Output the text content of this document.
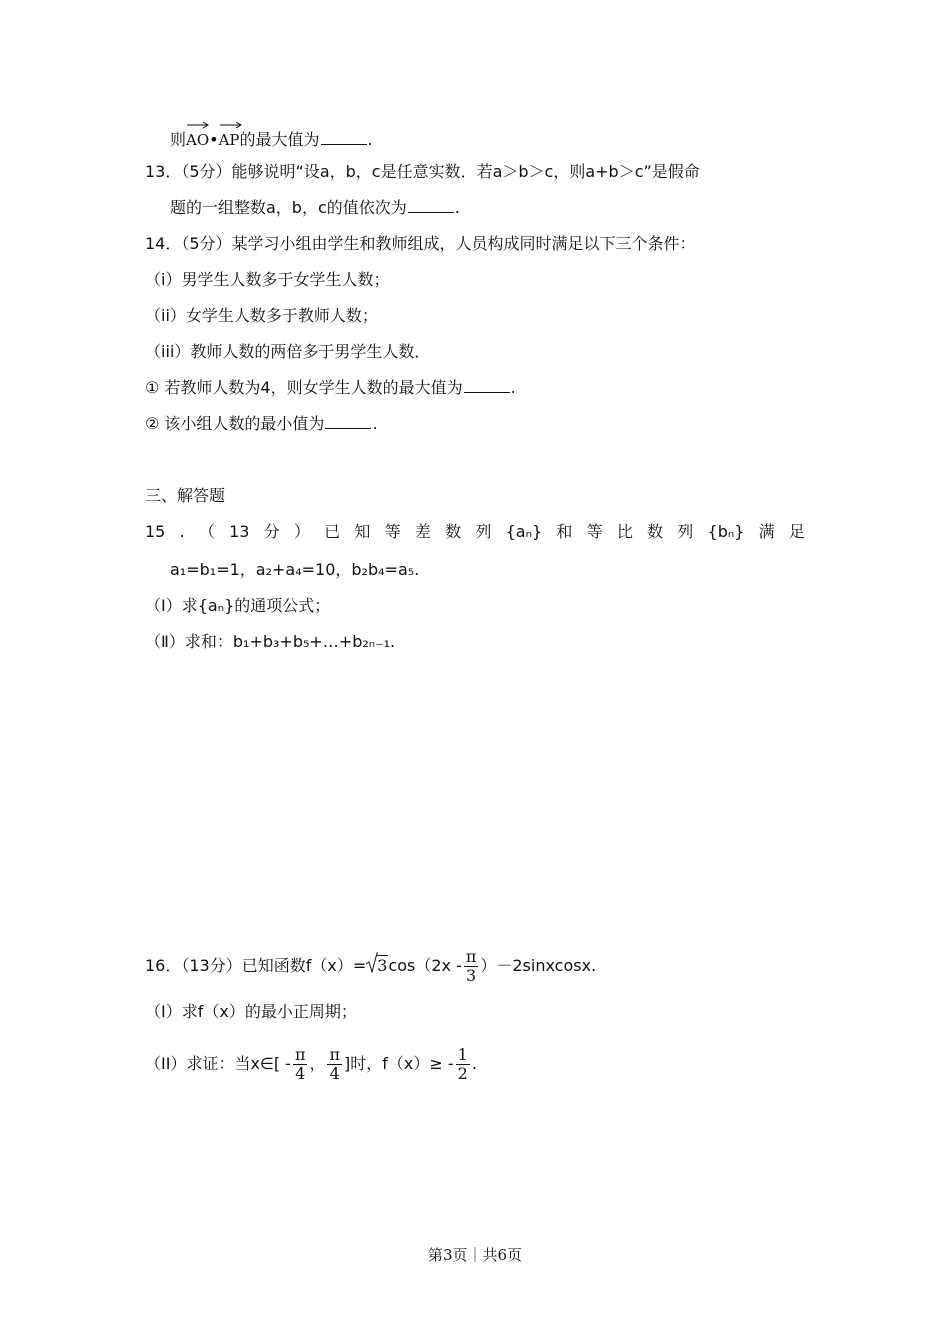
则
AO•
AP的最大值为	.
13．（5分）能够说明“设a，b，c是任意实数．若a＞b＞c，则a+b＞c”是假命
题的一组整数a，b，c的值依次为	.
14．（5分）某学习小组由学生和教师组成，人员构成同时满足以下三个条件：
（i）男学生人数多于女学生人数；
（ii）女学生人数多于教师人数；
（iii）教师人数的两倍多于男学生人数．
① 若教师人数为4，则女学生人数的最大值为	.
② 该小组人数的最小值为	.
三、解答题
15 . （ 13 分 ） 已 知 等 差 数 列 {aₙ} 和 等 比 数 列 {bₙ} 满 足
a₁=b₁=1，a₂+a₄=10，b₂b₄=a₅.
（Ⅰ）求{aₙ}的通项公式；
（Ⅱ）求和：b₁+b₃+b₅+…+b₂ₙ₋₁.
16．（13分）已知函数$f(x)= 3\cos(2x - \frac{\pi}{3}$ ）－2sinxcosx.
（I）求f（x）的最小正周期；
（II）求证：当x∈[ - $\frac{\pi}{4}$ ， $\frac{\pi}{4}$ ]时，$f(x)\ge - \frac{1}{2}$ .
第3页｜共6页
